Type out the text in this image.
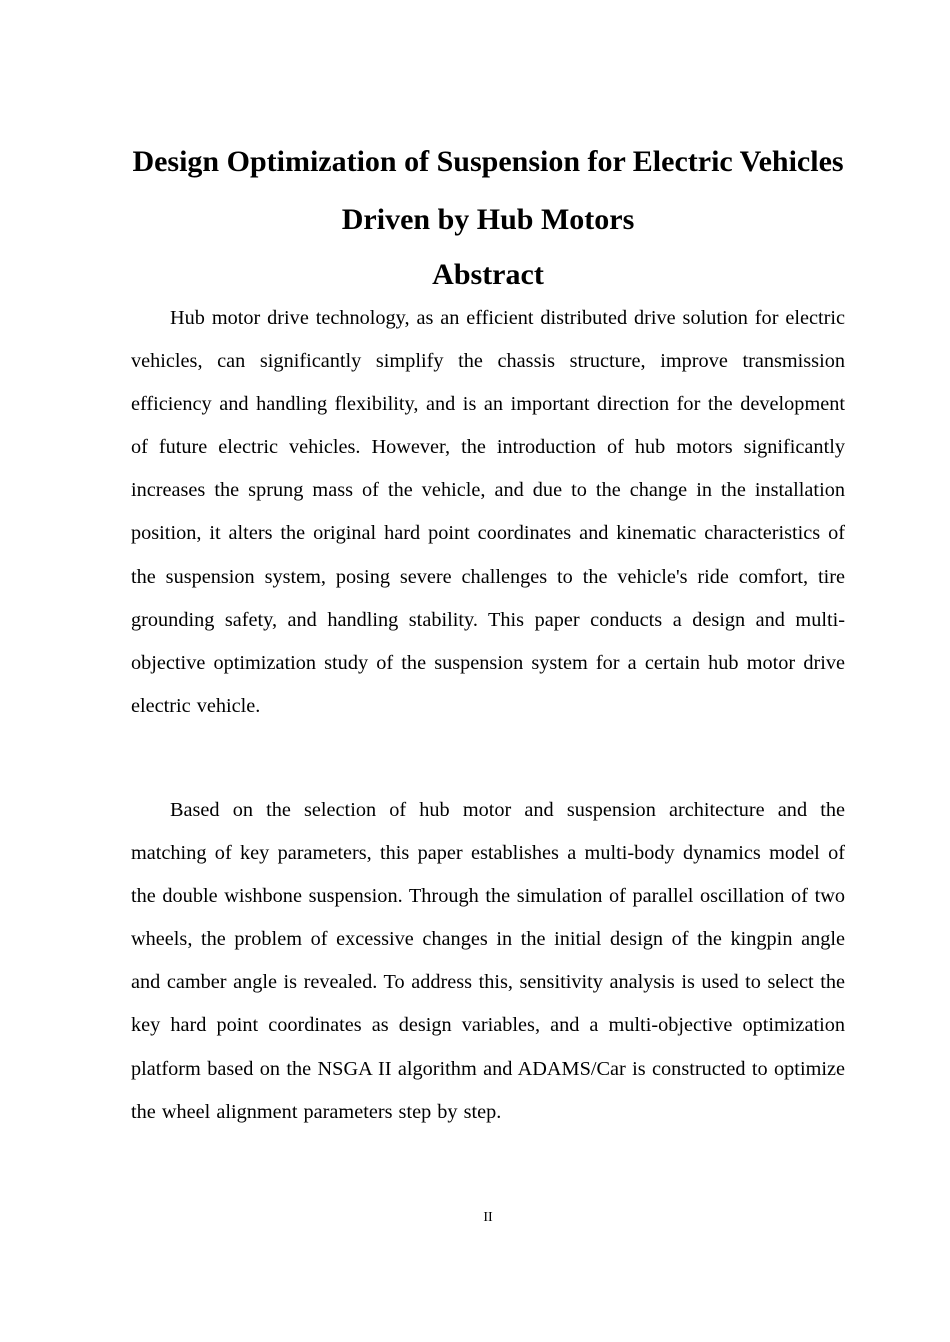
Design Optimization of Suspension for Electric Vehicles Driven by Hub Motors
Abstract

Hub motor drive technology, as an efficient distributed drive solution for electric vehicles, can significantly simplify the chassis structure, improve transmission efficiency and handling flexibility, and is an important direction for the development of future electric vehicles. However, the introduction of hub motors significantly increases the sprung mass of the vehicle, and due to the change in the installation position, it alters the original hard point coordinates and kinematic characteristics of the suspension system, posing severe challenges to the vehicle's ride comfort, tire grounding safety, and handling stability. This paper conducts a design and multi-objective optimization study of the suspension system for a certain hub motor drive electric vehicle.

Based on the selection of hub motor and suspension architecture and the matching of key parameters, this paper establishes a multi-body dynamics model of the double wishbone suspension. Through the simulation of parallel oscillation of two wheels, the problem of excessive changes in the initial design of the kingpin angle and camber angle is revealed. To address this, sensitivity analysis is used to select the key hard point coordinates as design variables, and a multi-objective optimization platform based on the NSGA II algorithm and ADAMS/Car is constructed to optimize the wheel alignment parameters step by step.

II
